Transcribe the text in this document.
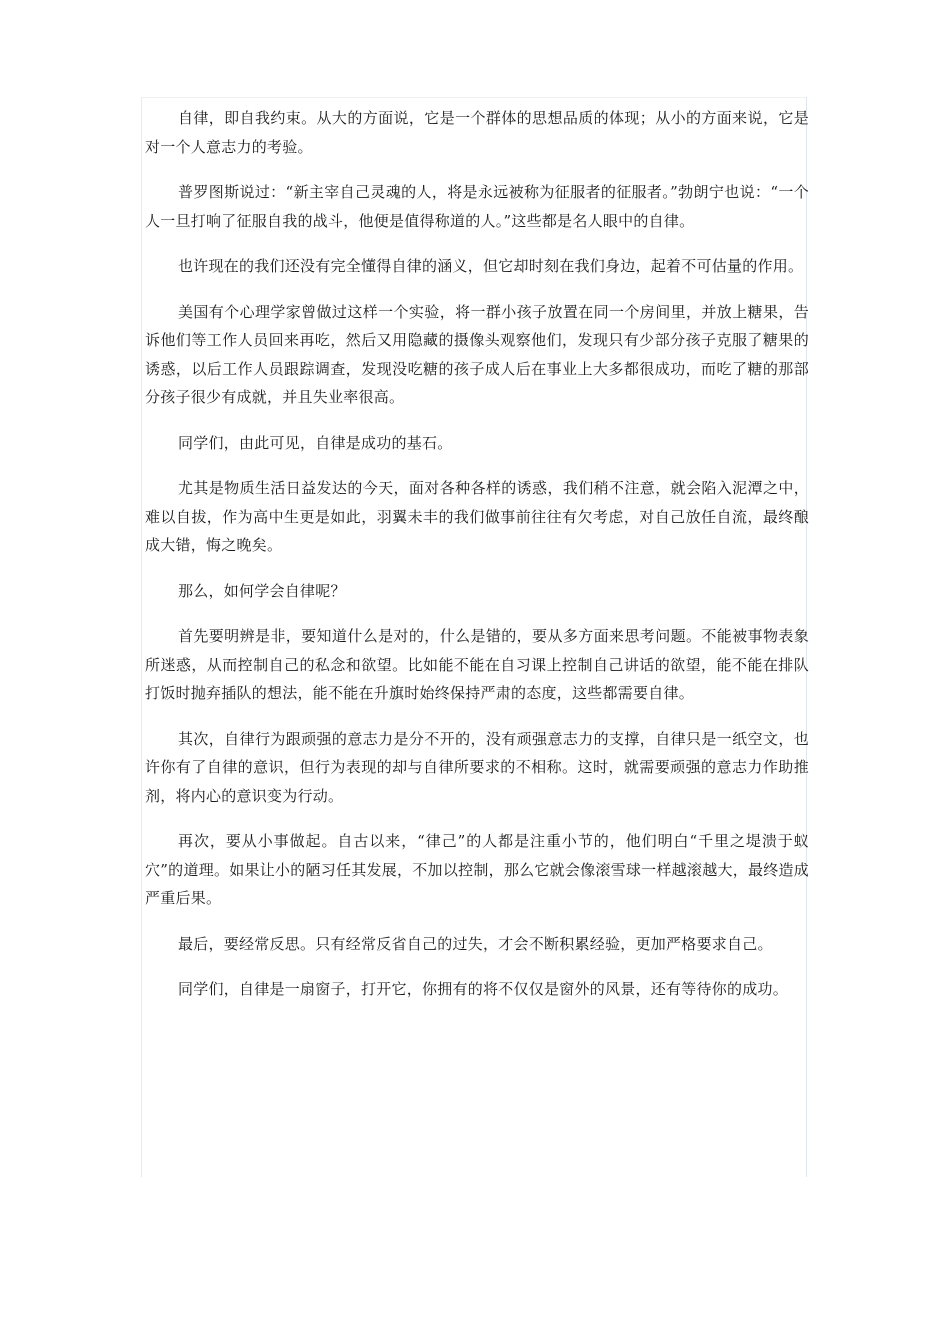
自律，即自我约束。从大的方面说，它是一个群体的思想品质的体现；从小的方面来说，它是对一个人意志力的考验。

普罗图斯说过：“新主宰自己灵魂的人，将是永远被称为征服者的征服者。”勃朗宁也说：“一个人一旦打响了征服自我的战斗，他便是值得称道的人。”这些都是名人眼中的自律。

也许现在的我们还没有完全懂得自律的涵义，但它却时刻在我们身边，起着不可估量的作用。

美国有个心理学家曾做过这样一个实验，将一群小孩子放置在同一个房间里，并放上糖果，告诉他们等工作人员回来再吃，然后又用隐藏的摄像头观察他们，发现只有少部分孩子克服了糖果的诱惑，以后工作人员跟踪调查，发现没吃糖的孩子成人后在事业上大多都很成功，而吃了糖的那部分孩子很少有成就，并且失业率很高。

同学们，由此可见，自律是成功的基石。

尤其是物质生活日益发达的今天，面对各种各样的诱惑，我们稍不注意，就会陷入泥潭之中，难以自拔，作为高中生更是如此，羽翼未丰的我们做事前往往有欠考虑，对自己放任自流，最终酿成大错，悔之晚矣。

那么，如何学会自律呢？

首先要明辨是非，要知道什么是对的，什么是错的，要从多方面来思考问题。不能被事物表象所迷惑，从而控制自己的私念和欲望。比如能不能在自习课上控制自己讲话的欲望，能不能在排队打饭时抛弃插队的想法，能不能在升旗时始终保持严肃的态度，这些都需要自律。

其次，自律行为跟顽强的意志力是分不开的，没有顽强意志力的支撑，自律只是一纸空文，也许你有了自律的意识，但行为表现的却与自律所要求的不相称。这时，就需要顽强的意志力作助推剂，将内心的意识变为行动。

再次，要从小事做起。自古以来，“律己”的人都是注重小节的，他们明白“千里之堤溃于蚁穴”的道理。如果让小的陋习任其发展，不加以控制，那么它就会像滚雪球一样越滚越大，最终造成严重后果。

最后，要经常反思。只有经常反省自己的过失，才会不断积累经验，更加严格要求自己。

同学们，自律是一扇窗子，打开它，你拥有的将不仅仅是窗外的风景，还有等待你的成功。
